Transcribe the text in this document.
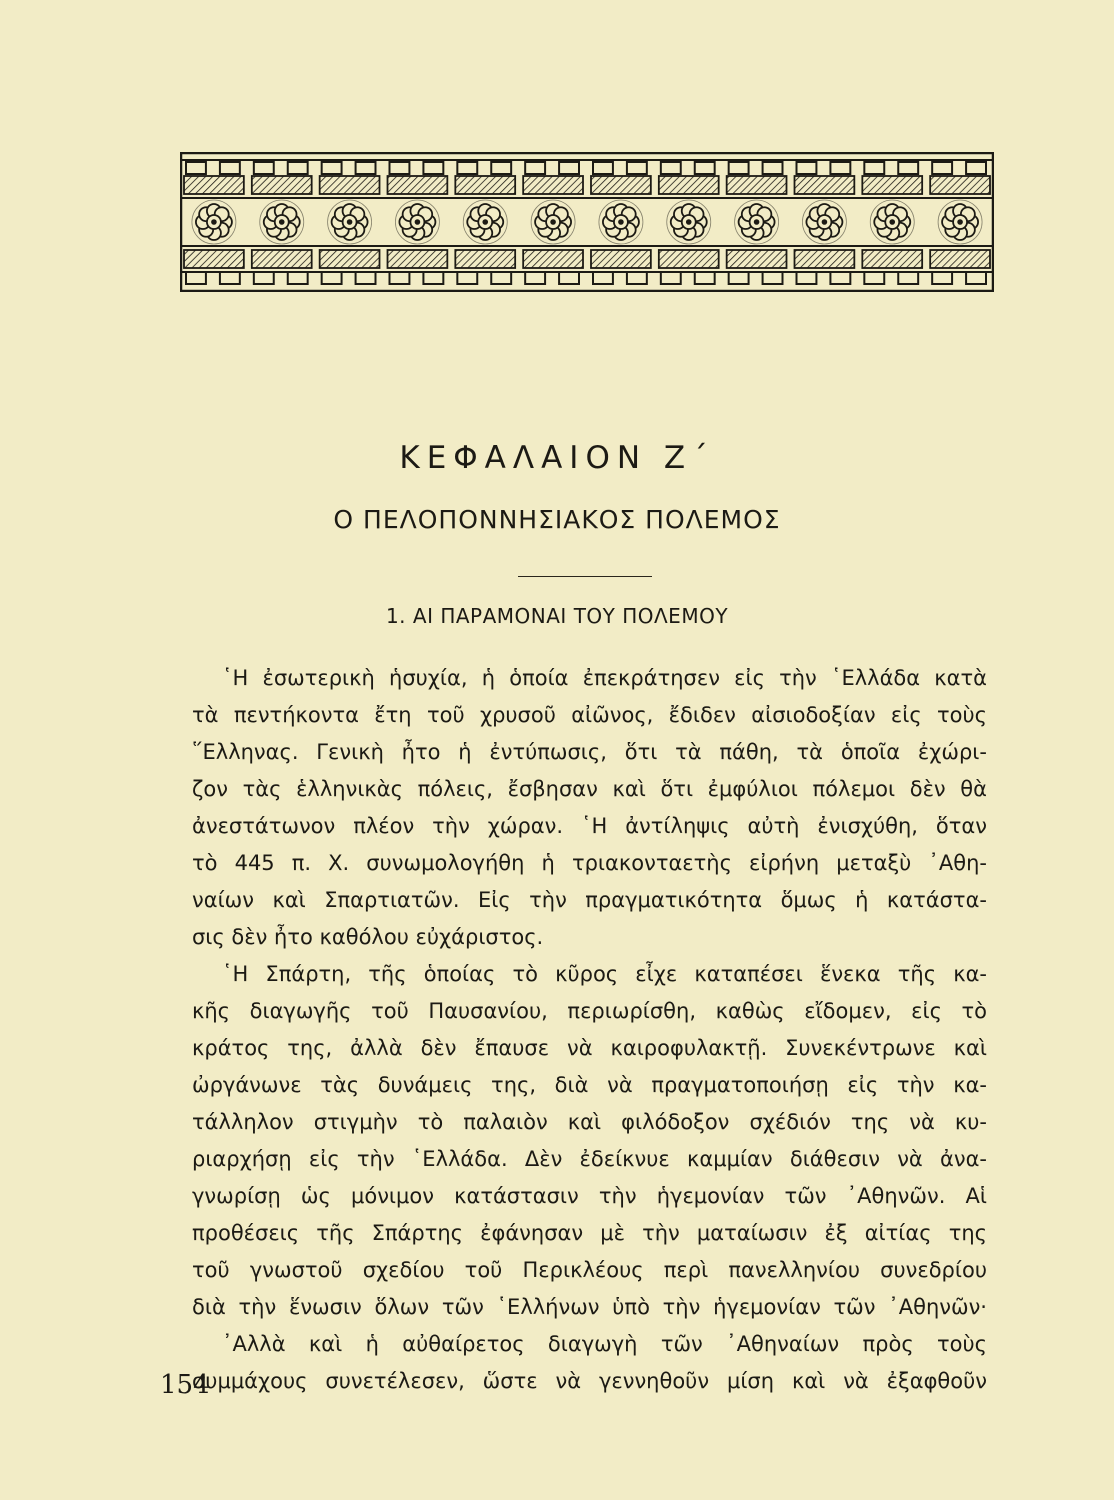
ΚΕΦΑΛΑΙΟΝ Ζ΄
Ο ΠΕΛΟΠΟΝΝΗΣΙΑΚΟΣ ΠΟΛΕΜΟΣ
1. ΑΙ ΠΑΡΑΜΟΝΑΙ ΤΟΥ ΠΟΛΕΜΟΥ
῾Η ἐσωτερικὴ ἡσυχία, ἡ ὁποία ἐπεκράτησεν εἰς τὴν ῾Ελλάδα κατὰ
τὰ πεντήκοντα ἔτη τοῦ χρυσοῦ αἰῶνος, ἔδιδεν αἰσιοδοξίαν εἰς τοὺς
῞Ελληνας. Γενικὴ ἦτο ἡ ἐντύπωσις, ὅτι τὰ πάθη, τὰ ὁποῖα ἐχώρι-
ζον τὰς ἑλληνικὰς πόλεις, ἔσβησαν καὶ ὅτι ἐμφύλιοι πόλεμοι δὲν θὰ
ἀνεστάτωνον πλέον τὴν χώραν. ῾Η ἀντίληψις αὐτὴ ἐνισχύθη, ὅταν
τὸ 445 π. Χ. συνωμολογήθη ἡ τριακονταετὴς εἰρήνη μεταξὺ ᾿Αθη-
ναίων καὶ Σπαρτιατῶν. Εἰς τὴν πραγματικότητα ὅμως ἡ κατάστα-
σις δὲν ἦτο καθόλου εὐχάριστος.
῾Η Σπάρτη, τῆς ὁποίας τὸ κῦρος εἶχε καταπέσει ἕνεκα τῆς κα-
κῆς διαγωγῆς τοῦ Παυσανίου, περιωρίσθη, καθὼς εἴδομεν, εἰς τὸ
κράτος της, ἀλλὰ δὲν ἔπαυσε νὰ καιροφυλακτῇ. Συνεκέντρωνε καὶ
ὠργάνωνε τὰς δυνάμεις της, διὰ νὰ πραγματοποιήσῃ εἰς τὴν κα-
τάλληλον στιγμὴν τὸ παλαιὸν καὶ φιλόδοξον σχέδιόν της νὰ κυ-
ριαρχήσῃ εἰς τὴν ῾Ελλάδα. Δὲν ἐδείκνυε καμμίαν διάθεσιν νὰ ἀνα-
γνωρίσῃ ὡς μόνιμον κατάστασιν τὴν ἡγεμονίαν τῶν ᾿Αθηνῶν. Αἱ
προθέσεις τῆς Σπάρτης ἐφάνησαν μὲ τὴν ματαίωσιν ἐξ αἰτίας της
τοῦ γνωστοῦ σχεδίου τοῦ Περικλέους περὶ πανελληνίου συνεδρίου
διὰ τὴν ἕνωσιν ὅλων τῶν ῾Ελλήνων ὑπὸ τὴν ἡγεμονίαν τῶν ᾿Αθηνῶν·
᾿Αλλὰ καὶ ἡ αὐθαίρετος διαγωγὴ τῶν ᾿Αθηναίων πρὸς τοὺς
συμμάχους συνετέλεσεν, ὥστε νὰ γεννηθοῦν μίση καὶ νὰ ἐξαφθοῦν
154
